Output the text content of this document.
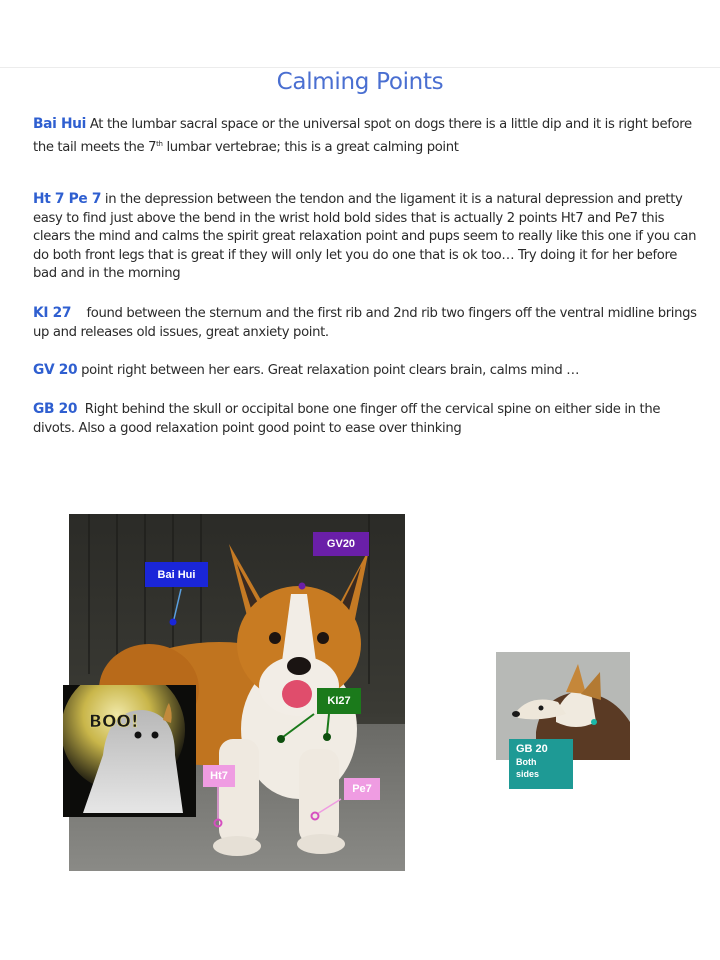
Calming Points
Bai Hui At the lumbar sacral space or the universal spot on dogs there is a little dip and it is right before the tail meets the 7th lumbar vertebrae; this is a great calming point
Ht 7 Pe 7 in the depression between the tendon and the ligament it is a natural depression and pretty easy to find just above the bend in the wrist hold bold sides that is actually 2 points Ht7 and Pe7 this clears the mind and calms the spirit great relaxation point and pups seem to really like this one if you can do both front legs that is great if they will only let you do one that is ok too… Try doing it for her before bad and in the morning
KI 27    found between the sternum and the first rib and 2nd rib two fingers off the ventral midline brings up and releases old issues, great anxiety point.
GV 20 point right between her ears. Great relaxation point clears brain, calms mind …
GB 20  Right behind the skull or occipital bone one finger off the cervical spine on either side in the divots. Also a good relaxation point good point to ease over thinking
BOO!
Bai Hui
GV20
KI27
Ht7
Pe7
GB 20
Both
sides
